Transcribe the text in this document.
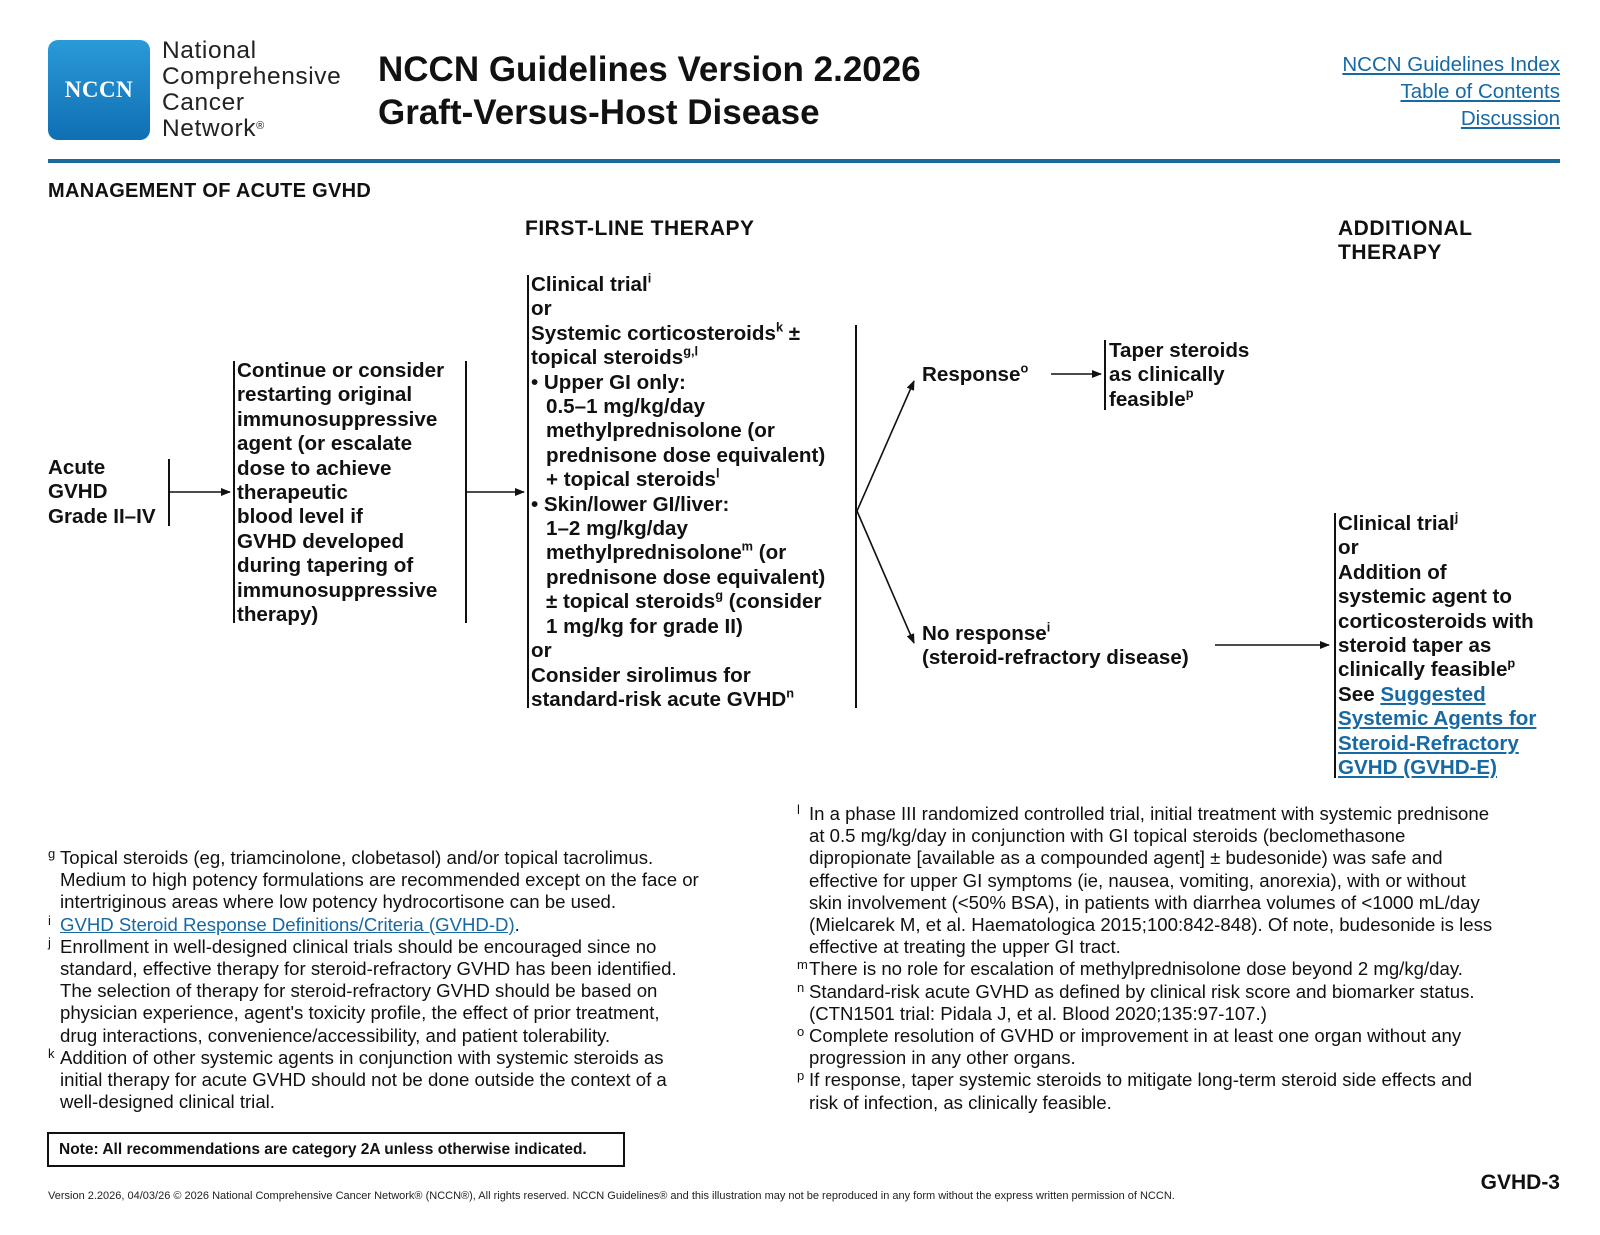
NCCN
National
Comprehensive
Cancer
Network®
NCCN Guidelines Version 2.2026
Graft-Versus-Host Disease
NCCN Guidelines Index
Table of Contents
Discussion
MANAGEMENT OF ACUTE GVHD
FIRST-LINE THERAPY	ADDITIONAL
THERAPY
Acute
GVHD
Grade II–IV
Continue or consider
restarting original
immunosuppressive
agent (or escalate
dose to achieve
therapeutic
blood level if
GVHD developed
during tapering of
immunosuppressive
therapy)
Clinical trial$^i$
or
Systemic corticosteroids$^k$ ±
topical steroids$^{g,l}$
• Upper GI only:
0.5–1 mg/kg/day
methylprednisolone (or
prednisone dose equivalent)
+ topical steroids$^l$
• Skin/lower GI/liver:
1–2 mg/kg/day
methylprednisolone$^m$ (or
prednisone dose equivalent)
± topical steroids$^g$ (consider
1 mg/kg for grade II)
or
Consider sirolimus for
standard-risk acute GVHD$^n$
Response$^o$
Taper steroids
as clinically
feasible$^p$
No response$^i$
(steroid-refractory disease)
Clinical trial$^j$
or
Addition of
systemic agent to
corticosteroids with
steroid taper as
clinically feasible$^p$
See Suggested
Systemic Agents for
Steroid-Refractory
GVHD (GVHD-E)
g Topical steroids (eg, triamcinolone, clobetasol) and/or topical tacrolimus.
Medium to high potency formulations are recommended except on the face or
intertriginous areas where low potency hydrocortisone can be used.
i GVHD Steroid Response Definitions/Criteria (GVHD-D).
j Enrollment in well-designed clinical trials should be encouraged since no
standard, effective therapy for steroid-refractory GVHD has been identified.
The selection of therapy for steroid-refractory GVHD should be based on
physician experience, agent's toxicity profile, the effect of prior treatment,
drug interactions, convenience/accessibility, and patient tolerability.
k Addition of other systemic agents in conjunction with systemic steroids as
initial therapy for acute GVHD should not be done outside the context of a
well-designed clinical trial.
l In a phase III randomized controlled trial, initial treatment with systemic prednisone
at 0.5 mg/kg/day in conjunction with GI topical steroids (beclomethasone
dipropionate [available as a compounded agent] ± budesonide) was safe and
effective for upper GI symptoms (ie, nausea, vomiting, anorexia), with or without
skin involvement (<50% BSA), in patients with diarrhea volumes of <1000 mL/day
(Mielcarek M, et al. Haematologica 2015;100:842-848). Of note, budesonide is less
effective at treating the upper GI tract.
m There is no role for escalation of methylprednisolone dose beyond 2 mg/kg/day.
n Standard-risk acute GVHD as defined by clinical risk score and biomarker status.
(CTN1501 trial: Pidala J, et al. Blood 2020;135:97-107.)
o Complete resolution of GVHD or improvement in at least one organ without any
progression in any other organs.
p If response, taper systemic steroids to mitigate long-term steroid side effects and
risk of infection, as clinically feasible.
Note: All recommendations are category 2A unless otherwise indicated.
Version 2.2026, 04/03/26 © 2026 National Comprehensive Cancer Network® (NCCN®), All rights reserved. NCCN Guidelines® and this illustration may not be reproduced in any form without the express written permission of NCCN.
GVHD-3
